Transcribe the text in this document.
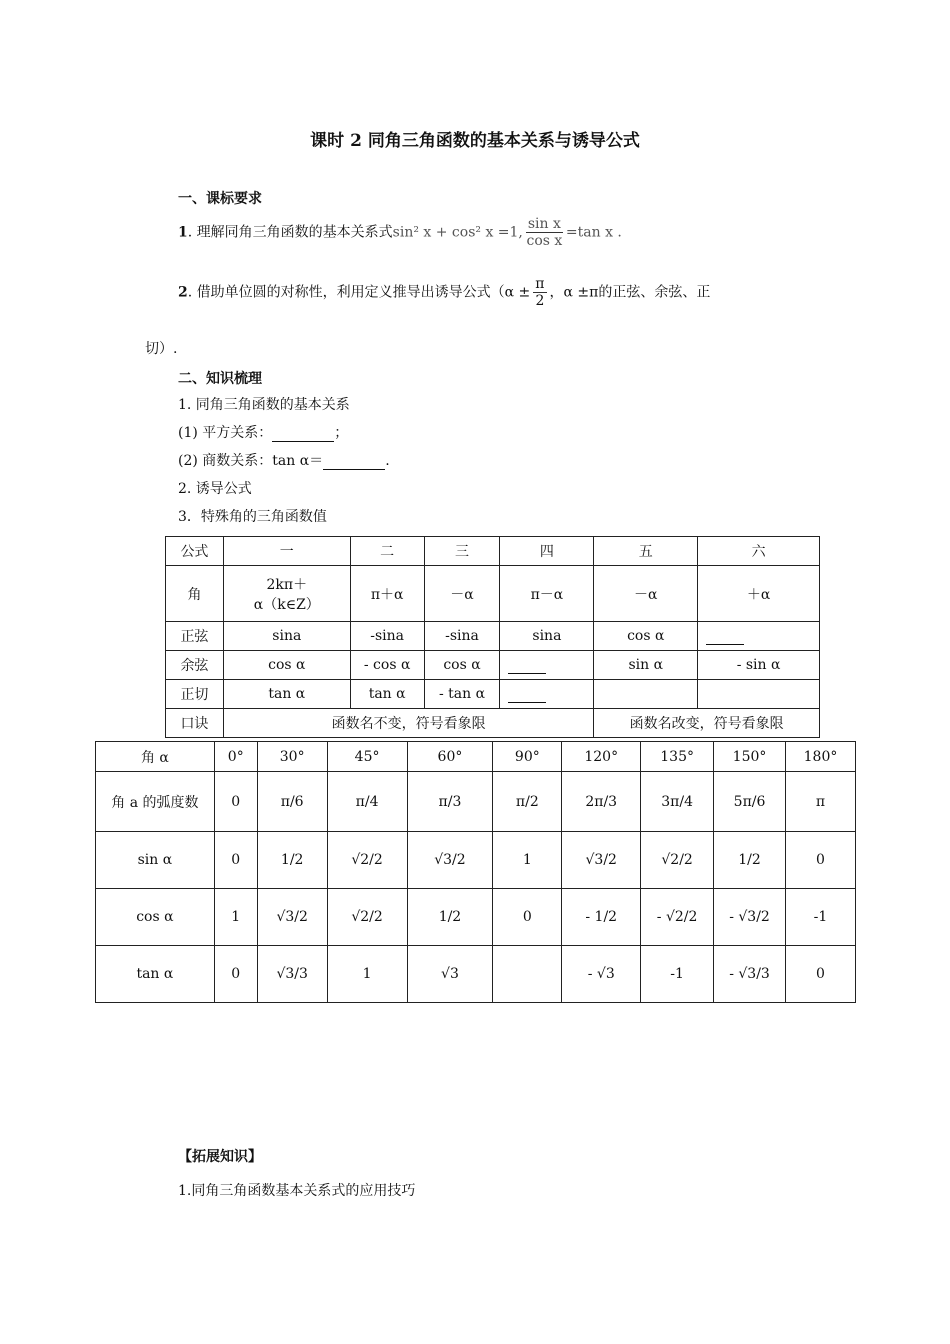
课时 2 同角三角函数的基本关系与诱导公式
一、课标要求
1. 理解同角三角函数的基本关系式sin² x + cos² x =1, $\frac{\text{sin x}}{\text{cos x}} =\tan$ x .
2. 借助单位圆的对称性，利用定义推导出诱导公式（$\alpha \pm \frac{\pi}{2}$ ，α ±π的正弦、余弦、正
切）.
二、知识梳理
1. 同角三角函数的基本关系
(1) 平方关系：	；
(2) 商数关系：tan α＝	.
2. 诱导公式
3．特殊角的三角函数值
公式	一	二	三	四	五	六
角	2kπ＋
α（k∈Z）	π＋α	－α	π－α	－α	＋α
正弦	sina	-sina	-sina	sina	cos α	
余弦	cos α	- cos α	cos α		sin α	- sin α
正切	tan α	tan α	- tan α			
口诀	函数名不变，符号看象限				函数名改变，符号看象限	
角 α	0°	30°	45°	60°	90°	120°	135°	150°	180°
角 a 的弧度数	0	π/6	π/4	π/3	π/2	2π/3	3π/4	5π/6	π
sin α	0	1/2	√2/2	√3/2	1	√3/2	√2/2	1/2	0
cos α	1	√3/2	√2/2	1/2	0	- 1/2	- √2/2	- √3/2	-1
tan α	0	√3/3	1	√3		- √3	-1	- √3/3	0
【拓展知识】
1.同角三角函数基本关系式的应用技巧
